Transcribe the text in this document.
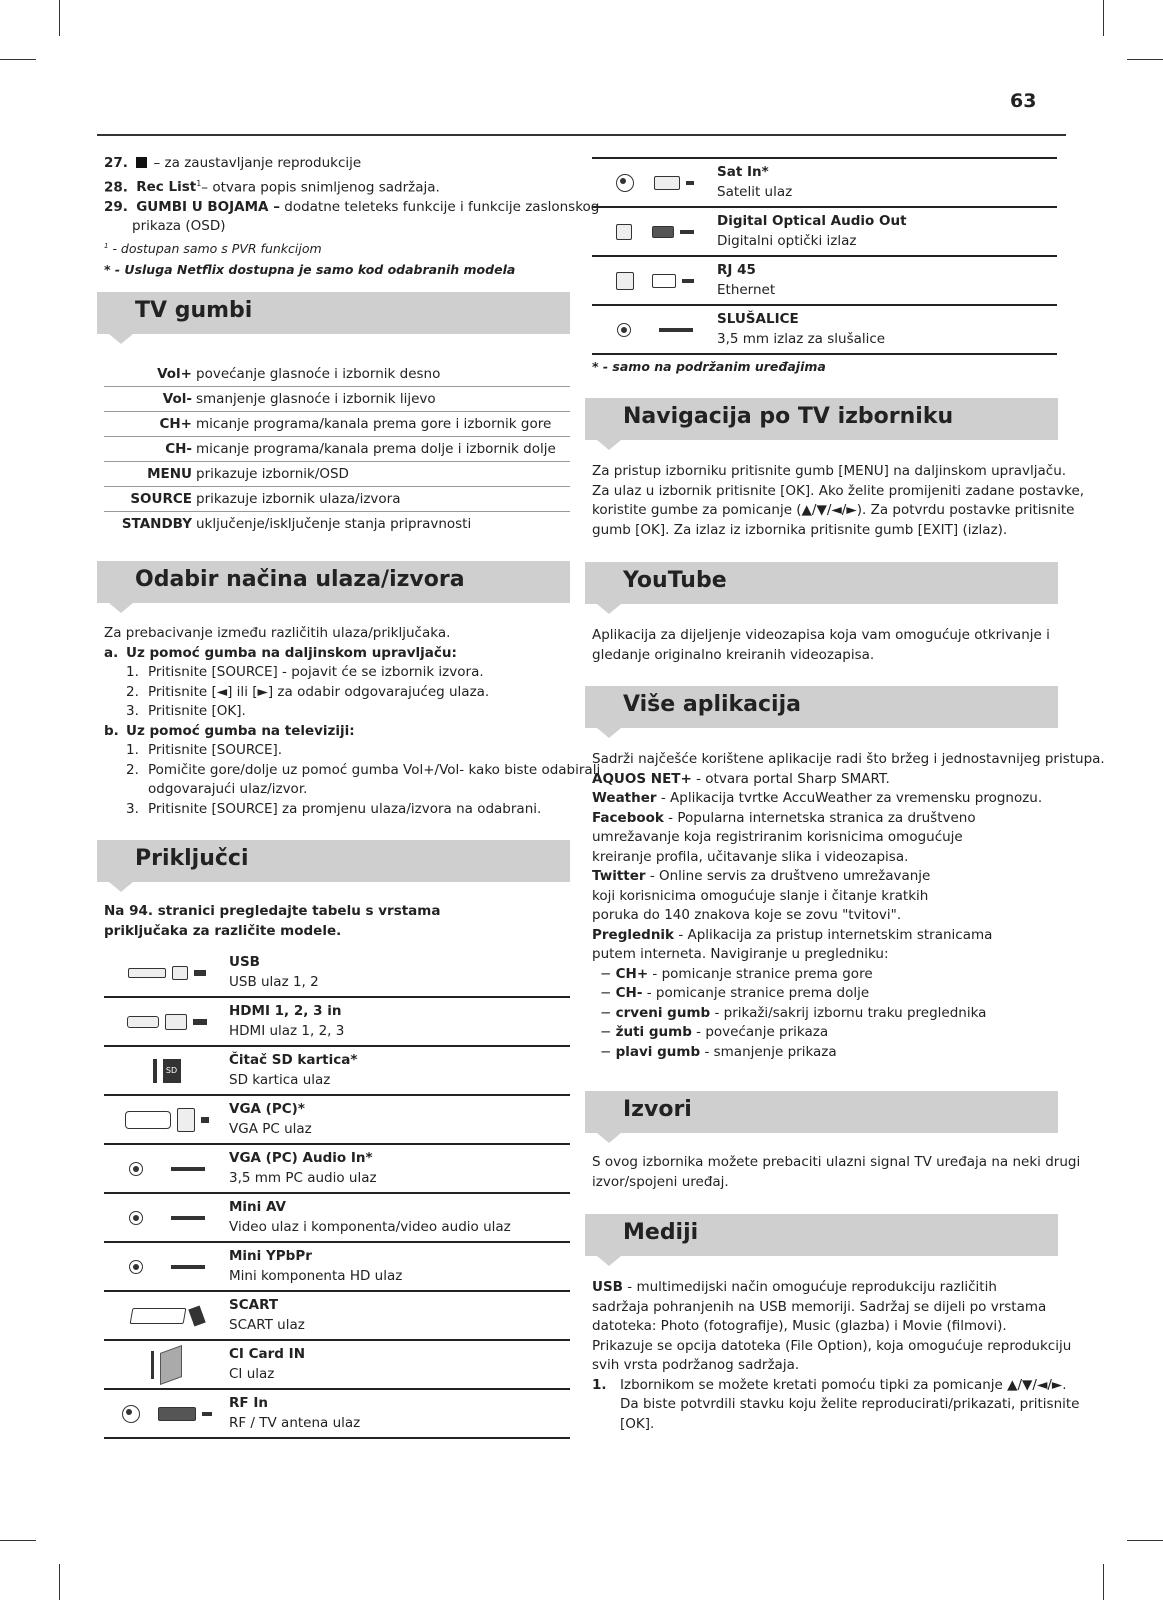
63
27. – za zaustavljanje reprodukcije
28. Rec List$^1$– otvara popis snimljenog sadržaja.
29. GUMBI U BOJAMA – dodatne teleteks funkcije i funkcije zaslonskog
prikaza (OSD)
$^1$ - dostupan samo s PVR funkcijom
* - Usluga Netflix dostupna je samo kod odabranih modela
TV gumbi
Vol+ povećanje glasnoće i izbornik desno
Vol- smanjenje glasnoće i izbornik lijevo
CH+ micanje programa/kanala prema gore i izbornik gore
CH- micanje programa/kanala prema dolje i izbornik dolje
MENU prikazuje izbornik/OSD
SOURCE prikazuje izbornik ulaza/izvora
STANDBY uključenje/isključenje stanja pripravnosti
Odabir načina ulaza/izvora
Za prebacivanje između različitih ulaza/priključaka.
a. Uz pomoć gumba na daljinskom upravljaču:
1. Pritisnite [SOURCE] - pojavit će se izbornik izvora.
2. Pritisnite [◄] ili [►] za odabir odgovarajućeg ulaza.
3. Pritisnite [OK].
b. Uz pomoć gumba na televiziji:
1. Pritisnite [SOURCE].
2. Pomičite gore/dolje uz pomoć gumba Vol+/Vol- kako biste odabirali
odgovarajući ulaz/izvor.
3. Pritisnite [SOURCE] za promjenu ulaza/izvora na odabrani.
Priključci
Na 94. stranici pregledajte tabelu s vrstama
priključaka za različite modele.
USB
USB ulaz 1, 2
HDMI 1, 2, 3 in
HDMI ulaz 1, 2, 3
SD
Čitač SD kartica*
SD kartica ulaz
VGA (PC)*
VGA PC ulaz
VGA (PC) Audio In*
3,5 mm PC audio ulaz
Mini AV
Video ulaz i komponenta/video audio ulaz
Mini YPbPr
Mini komponenta HD ulaz
SCART
SCART ulaz
CI Card IN
CI ulaz
RF In
RF / TV antena ulaz
Sat In*
Satelit ulaz
Digital Optical Audio Out
Digitalni optički izlaz
RJ 45
Ethernet
SLUŠALICE
3,5 mm izlaz za slušalice
* - samo na podržanim uređajima
Navigacija po TV izborniku
Za pristup izborniku pritisnite gumb [MENU] na daljinskom upravljaču.
Za ulaz u izbornik pritisnite [OK]. Ako želite promijeniti zadane postavke,
koristite gumbe za pomicanje (▲/▼/◄/►). Za potvrdu postavke pritisnite
gumb [OK]. Za izlaz iz izbornika pritisnite gumb [EXIT] (izlaz).
YouTube
Aplikacija za dijeljenje videozapisa koja vam omogućuje otkrivanje i
gledanje originalno kreiranih videozapisa.
Više aplikacija
Sadrži najčešće korištene aplikacije radi što bržeg i jednostavnijeg pristupa.
AQUOS NET+ - otvara portal Sharp SMART.
Weather - Aplikacija tvrtke AccuWeather za vremensku prognozu.
Facebook - Popularna internetska stranica za društveno
umrežavanje koja registriranim korisnicima omogućuje
kreiranje profila, učitavanje slika i videozapisa.
Twitter - Online servis za društveno umrežavanje
koji korisnicima omogućuje slanje i čitanje kratkih
poruka do 140 znakova koje se zovu "tvitovi".
Preglednik - Aplikacija za pristup internetskim stranicama
putem interneta. Navigiranje u pregledniku:
− CH+ - pomicanje stranice prema gore
− CH- - pomicanje stranice prema dolje
− crveni gumb - prikaži/sakrij izbornu traku preglednika
− žuti gumb - povećanje prikaza
− plavi gumb - smanjenje prikaza
Izvori
S ovog izbornika možete prebaciti ulazni signal TV uređaja na neki drugi
izvor/spojeni uređaj.
Mediji
USB - multimedijski način omogućuje reprodukciju različitih
sadržaja pohranjenih na USB memoriji. Sadržaj se dijeli po vrstama
datoteka: Photo (fotografije), Music (glazba) i Movie (filmovi).
Prikazuje se opcija datoteka (File Option), koja omogućuje reprodukciju
svih vrsta podržanog sadržaja.
1. Izbornikom se možete kretati pomoću tipki za pomicanje ▲/▼/◄/►.
Da biste potvrdili stavku koju želite reproducirati/prikazati, pritisnite
[OK].
